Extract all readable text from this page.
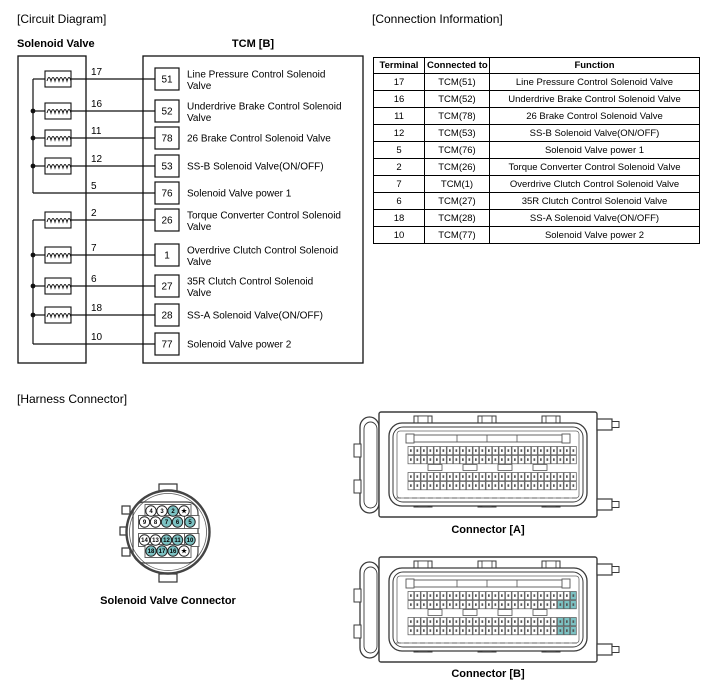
[Circuit Diagram]	[Connection Information]
Solenoid Valve	TCM [B]
17
51 Line Pressure Control Solenoid
Valve
16
52 Underdrive Brake Control Solenoid
Valve
11
78 26 Brake Control Solenoid Valve
12
53 SS-B Solenoid Valve(ON/OFF)
5
76 Solenoid Valve power 1
2
26 Torque Converter Control Solenoid
Valve
7
1 Overdrive Clutch Control Solenoid
Valve
6
27 35R Clutch Control Solenoid
Valve
18
28 SS-A Solenoid Valve(ON/OFF)
10
77 Solenoid Valve power 2
Terminal	Connected to	Function
17	TCM(51)	Line Pressure Control Solenoid Valve
16	TCM(52)	Underdrive Brake Control Solenoid Valve
11	TCM(78)	26 Brake Control Solenoid Valve
12	TCM(53)	SS-B Solenoid Valve(ON/OFF)
5	TCM(76)	Solenoid Valve power 1
2	TCM(26)	Torque Converter Control Solenoid Valve
7	TCM(1)	Overdrive Clutch Control Solenoid Valve
6	TCM(27)	35R Clutch Control Solenoid Valve
18	TCM(28)	SS-A Solenoid Valve(ON/OFF)
10	TCM(77)	Solenoid Valve power 2
[Harness Connector]
4 3 2 ★
9 8 7 6 5
14 13 12 11 10
18 17 16 ★
Solenoid Valve Connector
Connector [A]
Connector [B]
